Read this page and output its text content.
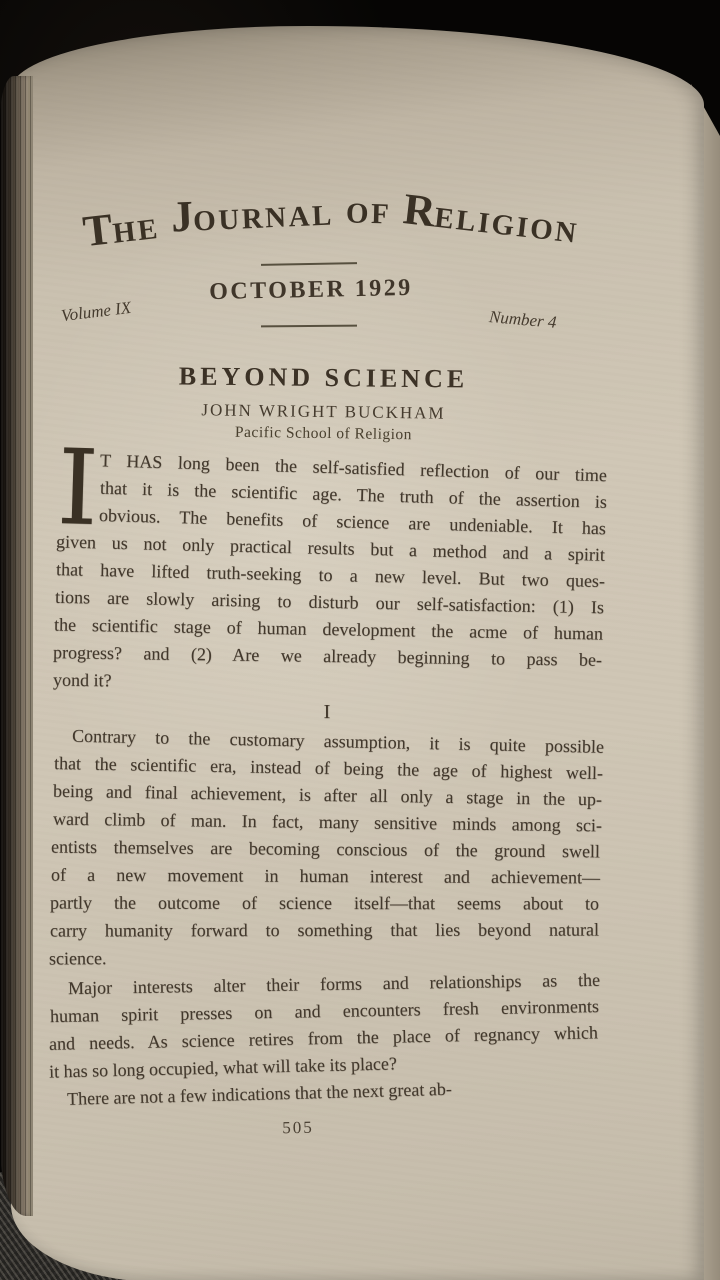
T
HE J
OURNAL OF R
ELIGION
OCTOBER 1929
Volume IX	Number 4
BEYOND SCIENCE
JOHN WRIGHT BUCKHAM
Pacific School of Religion
I T HAS long been the self-satisfied reflection of our time
that it is the scientific age. The truth of the assertion is
obvious. The benefits of science are undeniable. It has
given us not only practical results but a method and a spirit
that have lifted truth-seeking to a new level. But two ques-
tions are slowly arising to disturb our self-satisfaction: (1) Is
the scientific stage of human development the acme of human
progress? and (2) Are we already beginning to pass be-
yond it?
I
Contrary to the customary assumption, it is quite possible
that the scientific era, instead of being the age of highest well-
being and final achievement, is after all only a stage in the up-
ward climb of man. In fact, many sensitive minds among sci-
entists themselves are becoming conscious of the ground swell
of a new movement in human interest and achievement—
partly the outcome of science itself—that seems about to
carry humanity forward to something that lies beyond natural
science.
Major interests alter their forms and relationships as the
human spirit presses on and encounters fresh environments
and needs. As science retires from the place of regnancy which
it has so long occupied, what will take its place?
There are not a few indications that the next great ab-
505
